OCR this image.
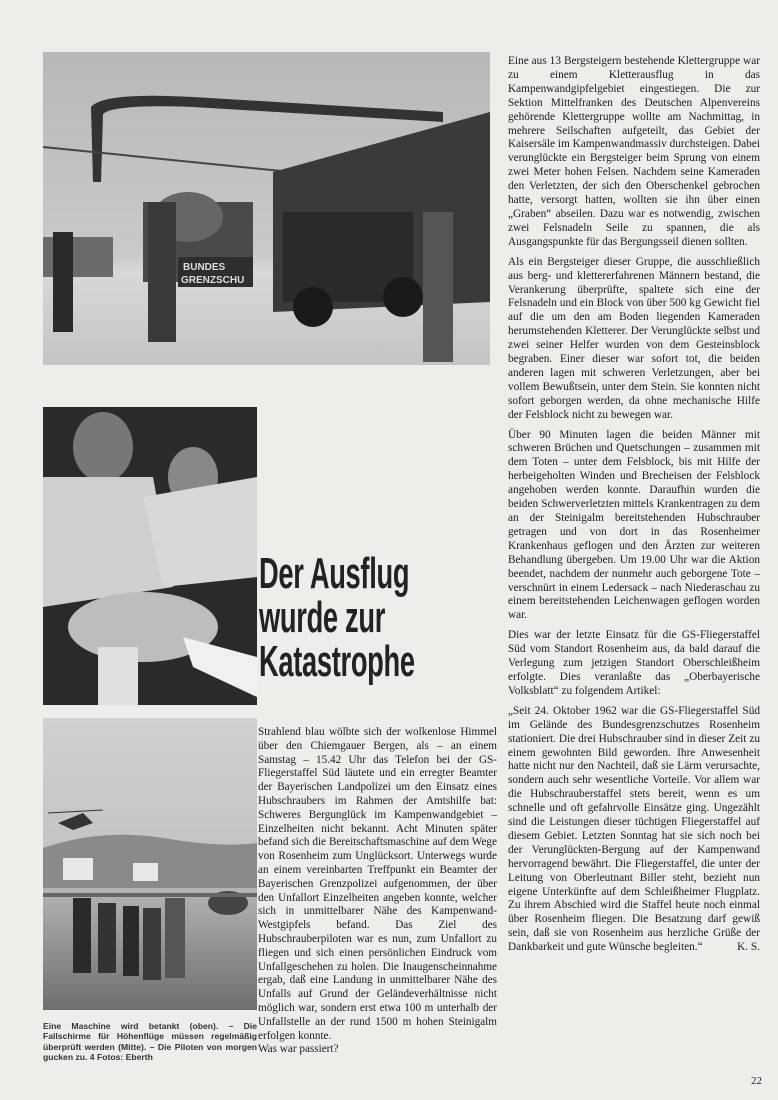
BUNDES
GRENZSCHU
Der Ausflug
wurde zur
Katastrophe
Eine Maschine wird betankt (oben). – Die Fallschirme für Höhenflüge müssen regelmäßig überprüft werden (Mitte). – Die Piloten von morgen gucken zu. 4 Fotos: Eberth

Strahlend blau wölbte sich der wolkenlose Himmel über den Chiemgauer Bergen, als – an einem Samstag – 15.42 Uhr das Telefon bei der GS-Fliegerstaffel Süd läutete und ein erregter Beamter der Bayerischen Landpolizei um den Einsatz eines Hubschraubers im Rahmen der Amtshilfe bat: Schweres Bergunglück im Kampenwandgebiet – Einzelheiten nicht bekannt. Acht Minuten später befand sich die Bereitschaftsmaschine auf dem Wege von Rosenheim zum Unglücksort. Unterwegs wurde an einem vereinbarten Treffpunkt ein Beamter der Bayerischen Grenzpolizei aufgenommen, der über den Unfallort Einzelheiten angeben konnte, welcher sich in unmittelbarer Nähe des Kampenwand-Westgipfels befand. Das Ziel des Hubschrauberpiloten war es nun, zum Unfallort zu fliegen und sich einen persönlichen Eindruck vom Unfallgeschehen zu holen. Die Inaugenscheinnahme ergab, daß eine Landung in unmittelbarer Nähe des Unfalls auf Grund der Geländeverhältnisse nicht möglich war, sondern erst etwa 100 m unterhalb der Unfallstelle an der rund 1500 m hohen Steinigalm erfolgen konnte.

Was war passiert?

Eine aus 13 Bergsteigern bestehende Klettergruppe war zu einem Kletterausflug in das Kampenwandgipfelgebiet eingestiegen. Die zur Sektion Mittelfranken des Deutschen Alpenvereins gehörende Klettergruppe wollte am Nachmittag, in mehrere Seilschaften aufgeteilt, das Gebiet der Kaisersäle im Kampenwandmassiv durchsteigen. Dabei verunglückte ein Bergsteiger beim Sprung von einem zwei Meter hohen Felsen. Nachdem seine Kameraden den Verletzten, der sich den Oberschenkel gebrochen hatte, versorgt hatten, wollten sie ihn über einen „Graben“ abseilen. Dazu war es notwendig, zwischen zwei Felsnadeln Seile zu spannen, die als Ausgangspunkte für das Bergungsseil dienen sollten.

Als ein Bergsteiger dieser Gruppe, die ausschließlich aus berg- und klettererfahrenen Männern bestand, die Verankerung überprüfte, spaltete sich eine der Felsnadeln und ein Block von über 500 kg Gewicht fiel auf die um den am Boden liegenden Kameraden herumstehenden Kletterer. Der Verunglückte selbst und zwei seiner Helfer wurden von dem Gesteinsblock begraben. Einer dieser war sofort tot, die beiden anderen lagen mit schweren Verletzungen, aber bei vollem Bewußtsein, unter dem Stein. Sie konnten nicht sofort geborgen werden, da ohne mechanische Hilfe der Felsblock nicht zu bewegen war.

Über 90 Minuten lagen die beiden Männer mit schweren Brüchen und Quetschungen – zusammen mit dem Toten – unter dem Felsblock, bis mit Hilfe der herbeigeholten Winden und Brecheisen der Felsblock angehoben werden konnte. Daraufhin wurden die beiden Schwerverletzten mittels Krankentragen zu dem an der Steinigalm bereitstehenden Hubschrauber getragen und von dort in das Rosenheimer Krankenhaus geflogen und den Ärzten zur weiteren Behandlung übergeben. Um 19.00 Uhr war die Aktion beendet, nachdem der nunmehr auch geborgene Tote – verschnürt in einem Ledersack – nach Niederaschau zu einem bereitstehenden Leichenwagen geflogen worden war.

Dies war der letzte Einsatz für die GS-Fliegerstaffel Süd vom Standort Rosenheim aus, da bald darauf die Verlegung zum jetzigen Standort Oberschleißheim erfolgte. Dies veranlaßte das „Oberbayerische Volksblatt“ zu folgendem Artikel:

„Seit 24. Oktober 1962 war die GS-Fliegerstaffel Süd im Gelände des Bundesgrenzschutzes Rosenheim stationiert. Die drei Hubschrauber sind in dieser Zeit zu einem gewohnten Bild geworden. Ihre Anwesenheit hatte nicht nur den Nachteil, daß sie Lärm verursachte, sondern auch sehr wesentliche Vorteile. Vor allem war die Hubschrauberstaffel stets bereit, wenn es um schnelle und oft gefahrvolle Einsätze ging. Ungezählt sind die Leistungen dieser tüchtigen Fliegerstaffel auf diesem Gebiet. Letzten Sonntag hat sie sich noch bei der Verunglückten-Bergung auf der Kampenwand hervorragend bewährt. Die Fliegerstaffel, die unter der Leitung von Oberleutnant Biller steht, bezieht nun eigene Unterkünfte auf dem Schleißheimer Flugplatz. Zu ihrem Abschied wird die Staffel heute noch einmal über Rosenheim fliegen. Die Besatzung darf gewiß sein, daß sie von Rosenheim aus herzliche Grüße der Dankbarkeit und gute Wünsche begleiten.“	K. S.

22
